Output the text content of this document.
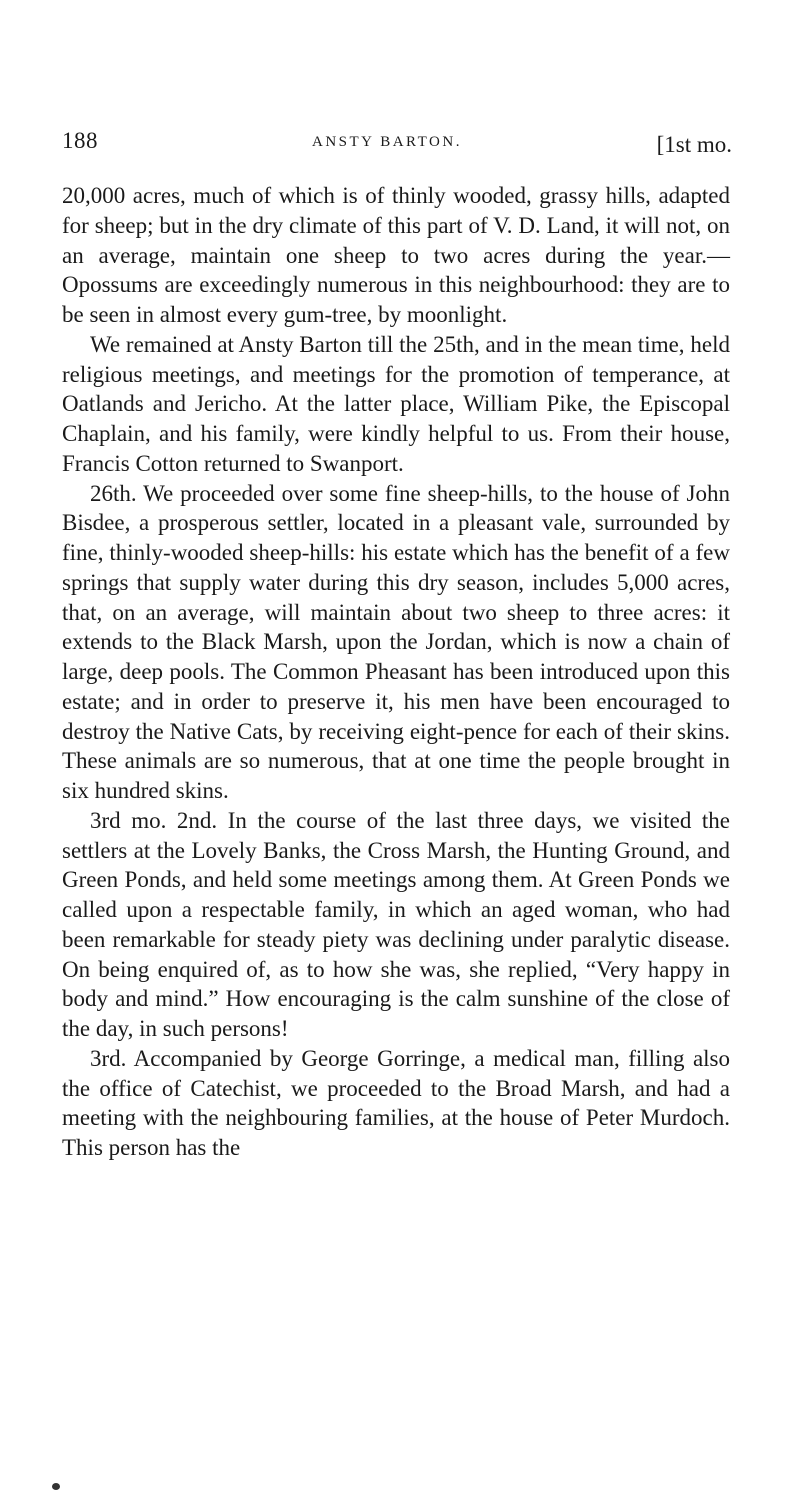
188	ANSTY BARTON.	[1st mo.

20,000 acres, much of which is of thinly wooded, grassy hills, adapted for sheep; but in the dry climate of this part of V. D. Land, it will not, on an average, maintain one sheep to two acres during the year.—Opossums are exceedingly numerous in this neighbourhood: they are to be seen in almost every gum-tree, by moonlight.

We remained at Ansty Barton till the 25th, and in the mean time, held religious meetings, and meetings for the promotion of temperance, at Oatlands and Jericho. At the latter place, William Pike, the Episcopal Chaplain, and his family, were kindly helpful to us. From their house, Francis Cotton returned to Swanport.

26th. We proceeded over some fine sheep-hills, to the house of John Bisdee, a prosperous settler, located in a pleasant vale, surrounded by fine, thinly-wooded sheep-hills: his estate which has the benefit of a few springs that supply water during this dry season, includes 5,000 acres, that, on an average, will maintain about two sheep to three acres: it extends to the Black Marsh, upon the Jordan, which is now a chain of large, deep pools. The Common Pheasant has been introduced upon this estate; and in order to preserve it, his men have been encouraged to destroy the Native Cats, by receiving eight-pence for each of their skins. These animals are so numerous, that at one time the people brought in six hundred skins.

3rd mo. 2nd. In the course of the last three days, we visited the settlers at the Lovely Banks, the Cross Marsh, the Hunting Ground, and Green Ponds, and held some meetings among them. At Green Ponds we called upon a respectable family, in which an aged woman, who had been remarkable for steady piety was declining under paralytic disease. On being enquired of, as to how she was, she replied, “Very happy in body and mind.” How encouraging is the calm sunshine of the close of the day, in such persons!

3rd. Accompanied by George Gorringe, a medical man, filling also the office of Catechist, we proceeded to the Broad Marsh, and had a meeting with the neighbouring families, at the house of Peter Murdoch. This person has the
